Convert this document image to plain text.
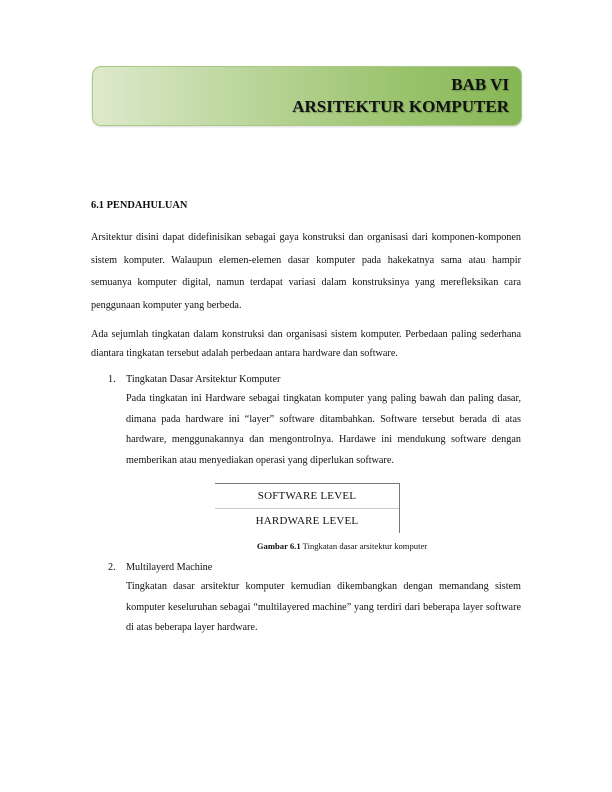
BAB VI
ARSITEKTUR KOMPUTER
6.1 PENDAHULUAN

Arsitektur disini dapat didefinisikan sebagai gaya konstruksi dan organisasi dari komponen-komponen sistem komputer. Walaupun elemen-elemen dasar komputer pada hakekatnya sama atau hampir semuanya komputer digital, namun terdapat variasi dalam konstruksinya yang merefleksikan cara penggunaan komputer yang berbeda.

Ada sejumlah tingkatan dalam konstruksi dan organisasi sistem komputer. Perbedaan paling sederhana diantara tingkatan tersebut adalah perbedaan antara hardware dan software.

1.	Tingkatan Dasar Arsitektur Komputer
Pada tingkatan ini Hardware sebagai tingkatan komputer yang paling bawah dan paling dasar, dimana pada hardware ini “layer” software ditambahkan. Software tersebut berada di atas hardware, menggunakannya dan mengontrolnya. Hardawe ini mendukung software dengan memberikan atau menyediakan operasi yang diperlukan software.
SOFTWARE LEVEL
HARDWARE LEVEL
Gambar 6.1 Tingkatan dasar arsitektur komputer
2.	Multilayerd Machine
Tingkatan dasar arsitektur komputer kemudian dikembangkan dengan memandang sistem komputer keseluruhan sebagai “multilayered machine” yang terdiri dari beberapa layer software di atas beberapa layer hardware.
